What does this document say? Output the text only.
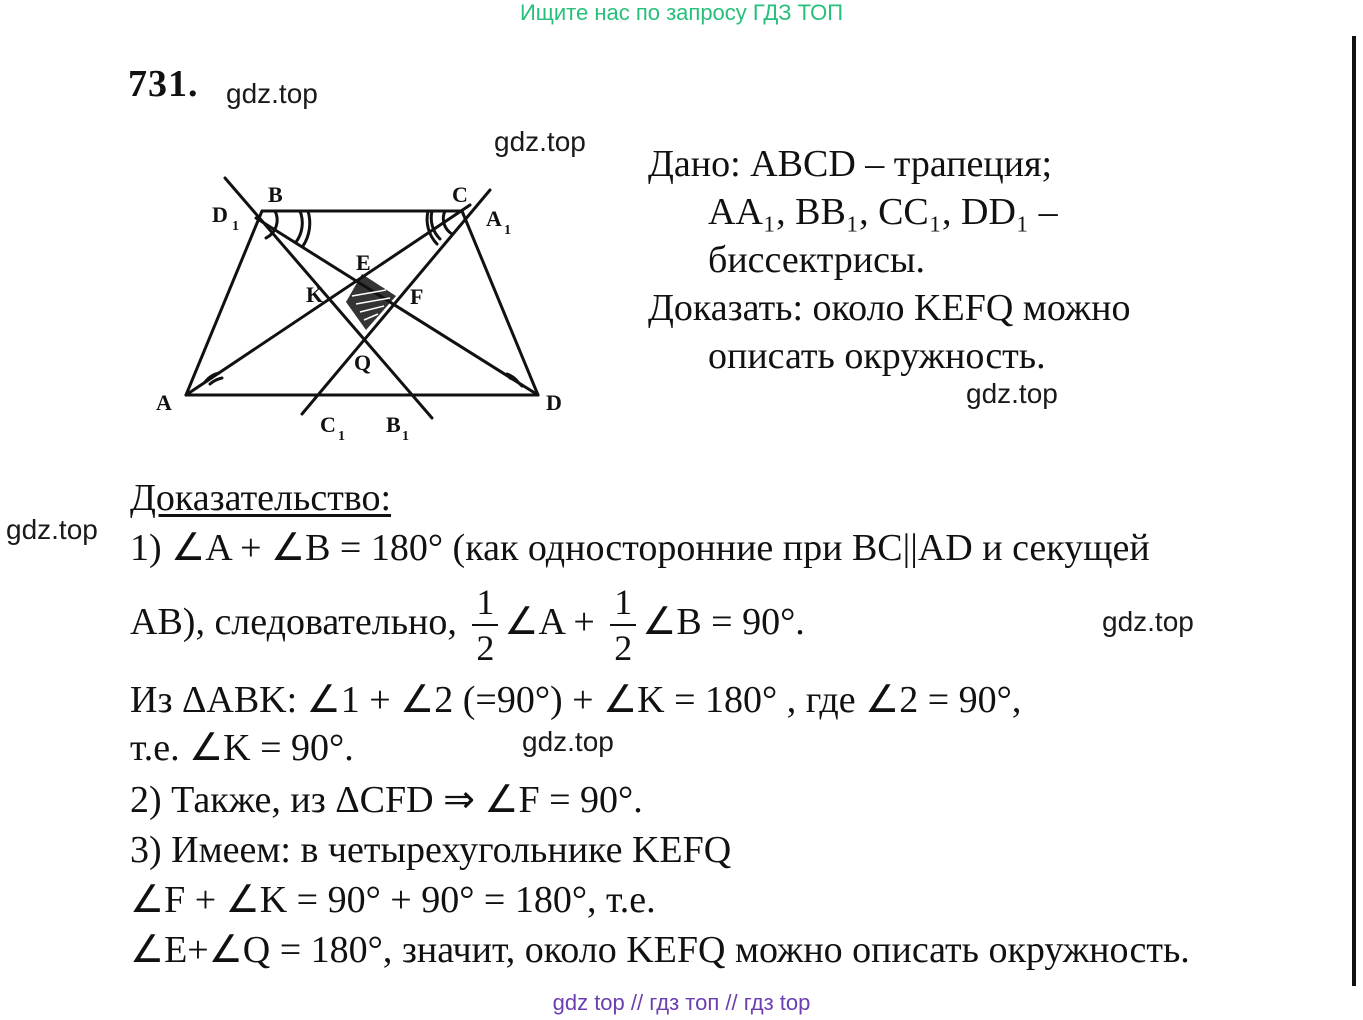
Ищите нас по запросу ГДЗ ТОП
731. gdz.top
gdz.top
gdz.top
gdz.top
gdz.top
gdz.top
B	C
A	D
E
F
K
Q
D 1	A 1
C 1 B 1
Дано: ABCD – трапеция;
AA₁, BB₁, CC₁, DD₁ –
биссектрисы.
Доказать: около KEFQ можно
описать окружность.
Доказательство:
1) ∠A + ∠B = 180° (как односторонние при BC||AD и секущей
AB), следовательно, $\frac{1}{2}$ ∠A + $\frac{1}{2}$ ∠B = 90°.
Из ΔABK: ∠1 + ∠2 (=90°) + ∠K = 180° , где ∠2 = 90°,
т.е. ∠K = 90°.
2) Также, из ΔCFD ⇒ ∠F = 90°.
3) Имеем: в четырехугольнике KEFQ
∠F + ∠K = 90° + 90° = 180°, т.е.
∠E+∠Q = 180°, значит, около KEFQ можно описать окружность.
gdz top // гдз топ // гдз top
